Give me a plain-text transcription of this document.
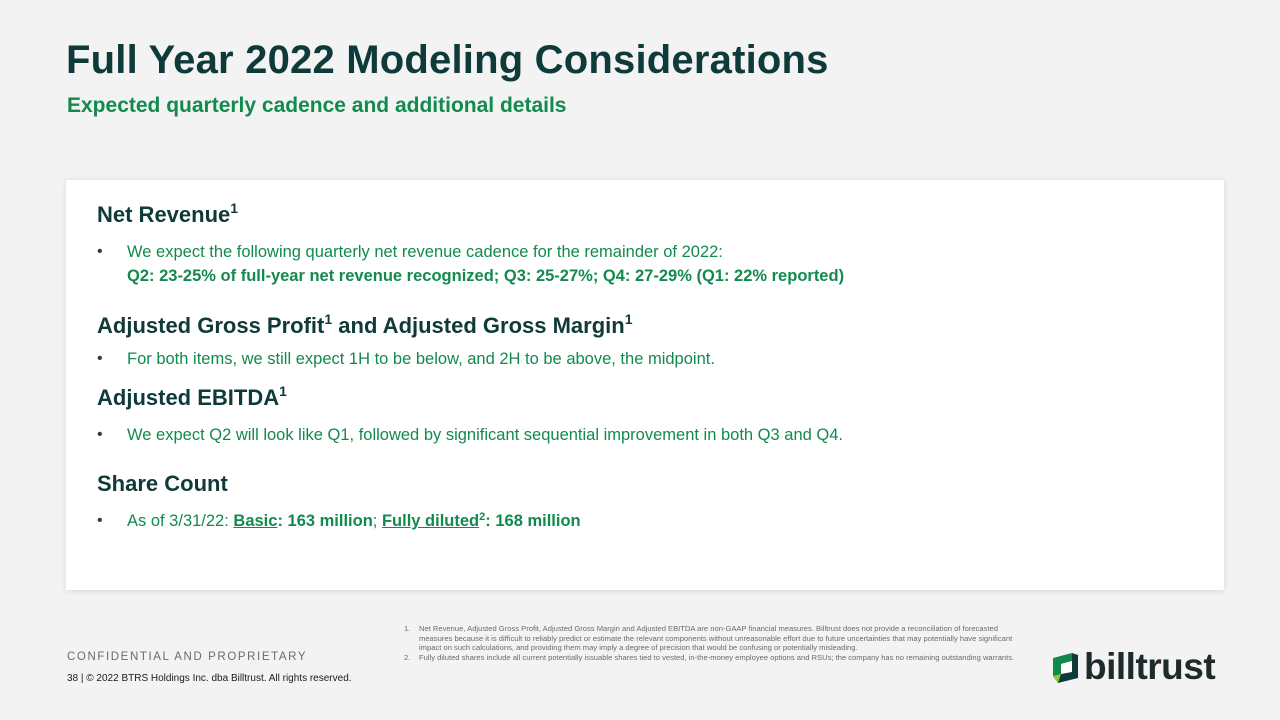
Full Year 2022 Modeling Considerations
Expected quarterly cadence and additional details
Net Revenue$^1$
• We expect the following quarterly net revenue cadence for the remainder of 2022:
Q2: 23-25% of full-year net revenue recognized; Q3: 25-27%; Q4: 27-29% (Q1: 22% reported)
Adjusted Gross Profit$^1$ and Adjusted Gross Margin$^1$
• For both items, we still expect 1H to be below, and 2H to be above, the midpoint.
Adjusted EBITDA$^1$
• We expect Q2 will look like Q1, followed by significant sequential improvement in both Q3 and Q4.
Share Count
• As of 3/31/22: Basic: 163 million; Fully diluted$^2$: 168 million
CONFIDENTIAL AND PROPRIETARY
38 | © 2022 BTRS Holdings Inc. dba Billtrust. All rights reserved.
1. Net Revenue, Adjusted Gross Profit, Adjusted Gross Margin and Adjusted EBITDA are non-GAAP financial measures. Billtrust does not provide a reconciliation of forecasted measures because it is difficult to reliably predict or estimate the relevant components without unreasonable effort due to future uncertainties that may potentially have significant impact on such calculations, and providing them may imply a degree of precision that would be confusing or potentially misleading.
2. Fully diluted shares include all current potentially issuable shares tied to vested, in-the-money employee options and RSUs; the company has no remaining outstanding warrants. billtrust
